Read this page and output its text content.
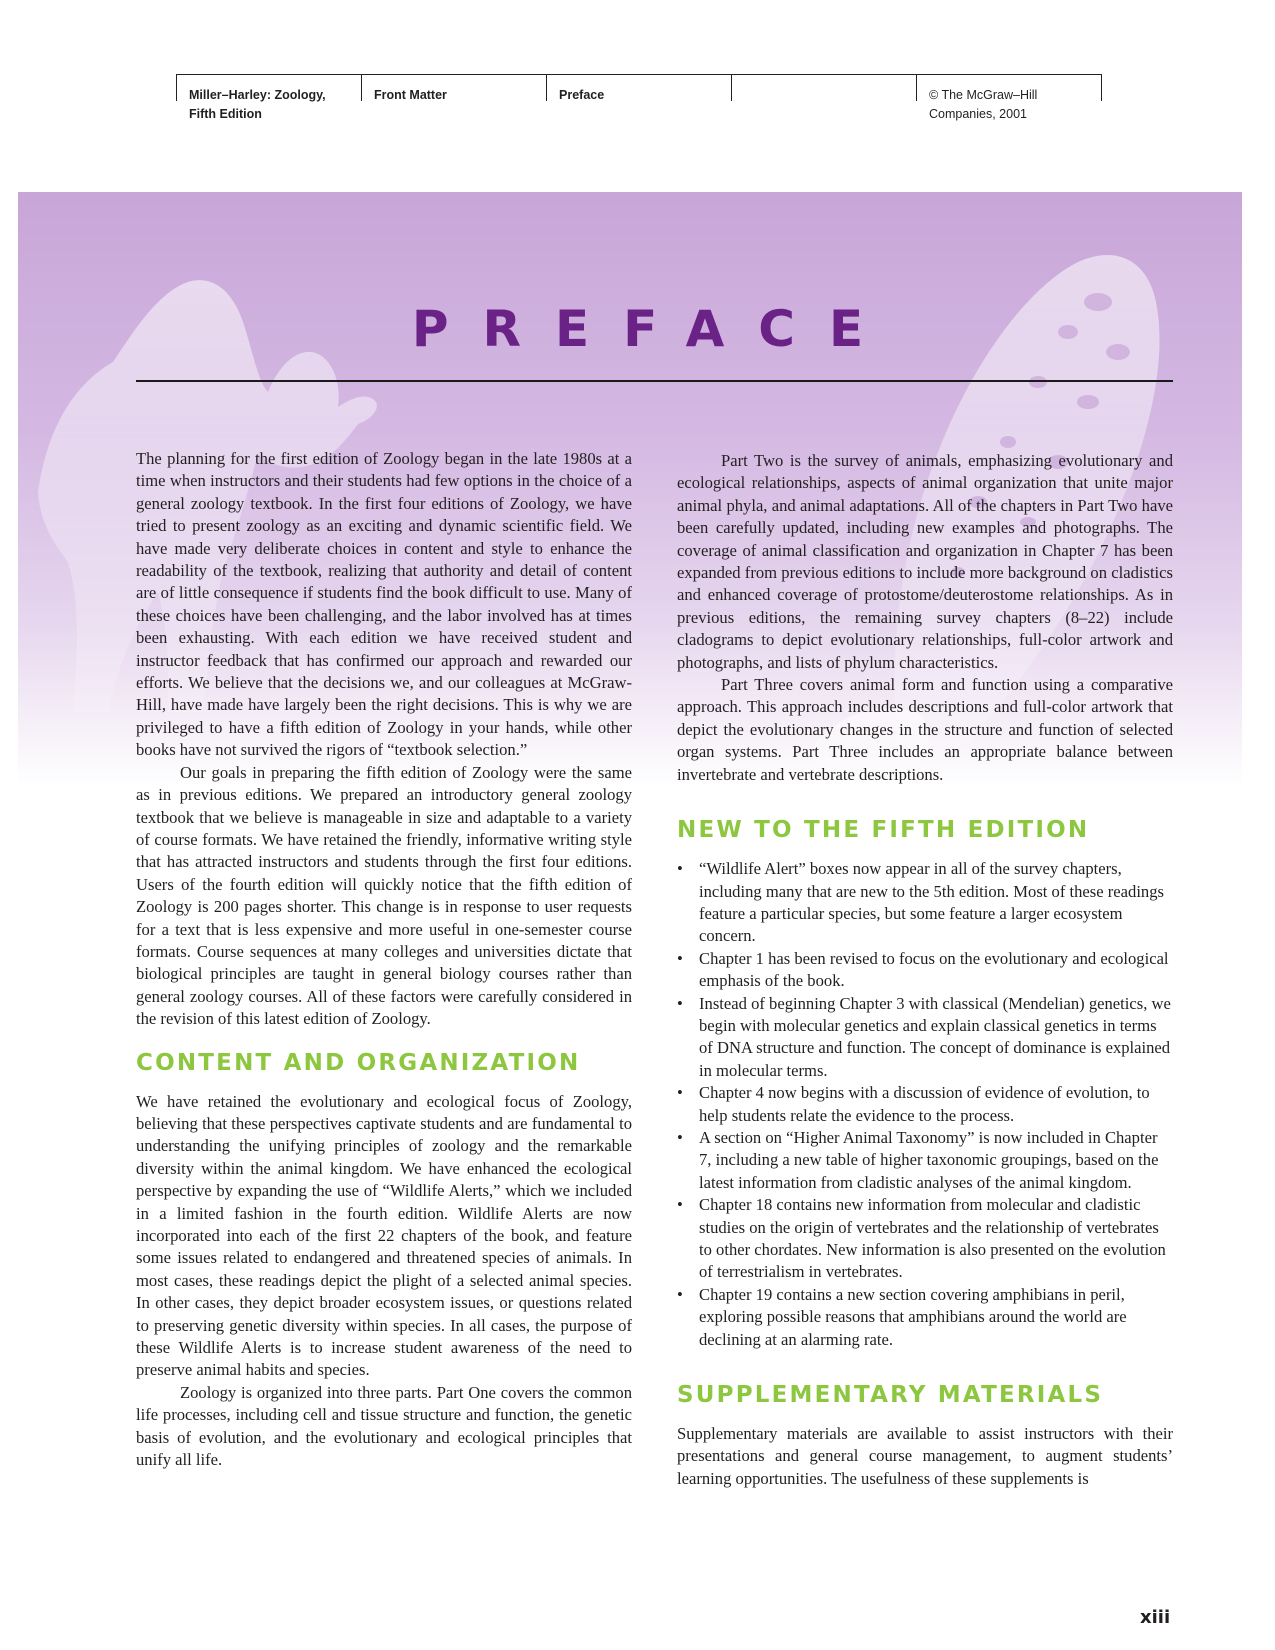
Miller–Harley: Zoology,
Fifth Edition
Front Matter	Preface	© The McGraw–Hill
Companies, 2001
PREFACE

The planning for the first edition of Zoology began in the late 1980s at a time when instructors and their students had few options in the choice of a general zoology textbook. In the first four editions of Zoology, we have tried to present zoology as an exciting and dynamic scientific field. We have made very deliberate choices in content and style to enhance the readability of the textbook, realizing that authority and detail of content are of little consequence if students find the book difficult to use. Many of these choices have been challenging, and the labor involved has at times been exhausting. With each edition we have received student and instructor feedback that has confirmed our approach and rewarded our efforts. We believe that the decisions we, and our colleagues at McGraw-Hill, have made have largely been the right decisions. This is why we are privileged to have a fifth edition of Zoology in your hands, while other books have not survived the rigors of “textbook selection.”

Our goals in preparing the fifth edition of Zoology were the same as in previous editions. We prepared an introductory general zoology textbook that we believe is manageable in size and adaptable to a variety of course formats. We have retained the friendly, informative writing style that has attracted instructors and students through the first four editions. Users of the fourth edition will quickly notice that the fifth edition of Zoology is 200 pages shorter. This change is in response to user requests for a text that is less expensive and more useful in one-semester course formats. Course sequences at many colleges and universities dictate that biological principles are taught in general biology courses rather than general zoology courses. All of these factors were carefully considered in the revision of this latest edition of Zoology.

CONTENT AND ORGANIZATION

We have retained the evolutionary and ecological focus of Zoology, believing that these perspectives captivate students and are fundamental to understanding the unifying principles of zoology and the remarkable diversity within the animal kingdom. We have enhanced the ecological perspective by expanding the use of “Wildlife Alerts,” which we included in a limited fashion in the fourth edition. Wildlife Alerts are now incorporated into each of the first 22 chapters of the book, and feature some issues related to endangered and threatened species of animals. In most cases, these readings depict the plight of a selected animal species. In other cases, they depict broader ecosystem issues, or questions related to preserving genetic diversity within species. In all cases, the purpose of these Wildlife Alerts is to increase student awareness of the need to preserve animal habits and species.

Zoology is organized into three parts. Part One covers the common life processes, including cell and tissue structure and function, the genetic basis of evolution, and the evolutionary and ecological principles that unify all life.

Part Two is the survey of animals, emphasizing evolutionary and ecological relationships, aspects of animal organization that unite major animal phyla, and animal adaptations. All of the chapters in Part Two have been carefully updated, including new examples and photographs. The coverage of animal classification and organization in Chapter 7 has been expanded from previous editions to include more background on cladistics and enhanced coverage of protostome/deuterostome relationships. As in previous editions, the remaining survey chapters (8–22) include cladograms to depict evolutionary relationships, full-color artwork and photographs, and lists of phylum characteristics.

Part Three covers animal form and function using a comparative approach. This approach includes descriptions and full-color artwork that depict the evolutionary changes in the structure and function of selected organ systems. Part Three includes an appropriate balance between invertebrate and vertebrate descriptions.

NEW TO THE FIFTH EDITION
• “Wildlife Alert” boxes now appear in all of the survey chapters, including many that are new to the 5th edition. Most of these readings feature a particular species, but some feature a larger ecosystem concern.
• Chapter 1 has been revised to focus on the evolutionary and ecological emphasis of the book.
• Instead of beginning Chapter 3 with classical (Mendelian) genetics, we begin with molecular genetics and explain classical genetics in terms of DNA structure and function. The concept of dominance is explained in molecular terms.
• Chapter 4 now begins with a discussion of evidence of evolution, to help students relate the evidence to the process.
• A section on “Higher Animal Taxonomy” is now included in Chapter 7, including a new table of higher taxonomic groupings, based on the latest information from cladistic analyses of the animal kingdom.
• Chapter 18 contains new information from molecular and cladistic studies on the origin of vertebrates and the relationship of vertebrates to other chordates. New information is also presented on the evolution of terrestrialism in vertebrates.
• Chapter 19 contains a new section covering amphibians in peril, exploring possible reasons that amphibians around the world are declining at an alarming rate.
SUPPLEMENTARY MATERIALS

Supplementary materials are available to assist instructors with their presentations and general course management, to augment students’ learning opportunities. The usefulness of these supplements is

xiii
